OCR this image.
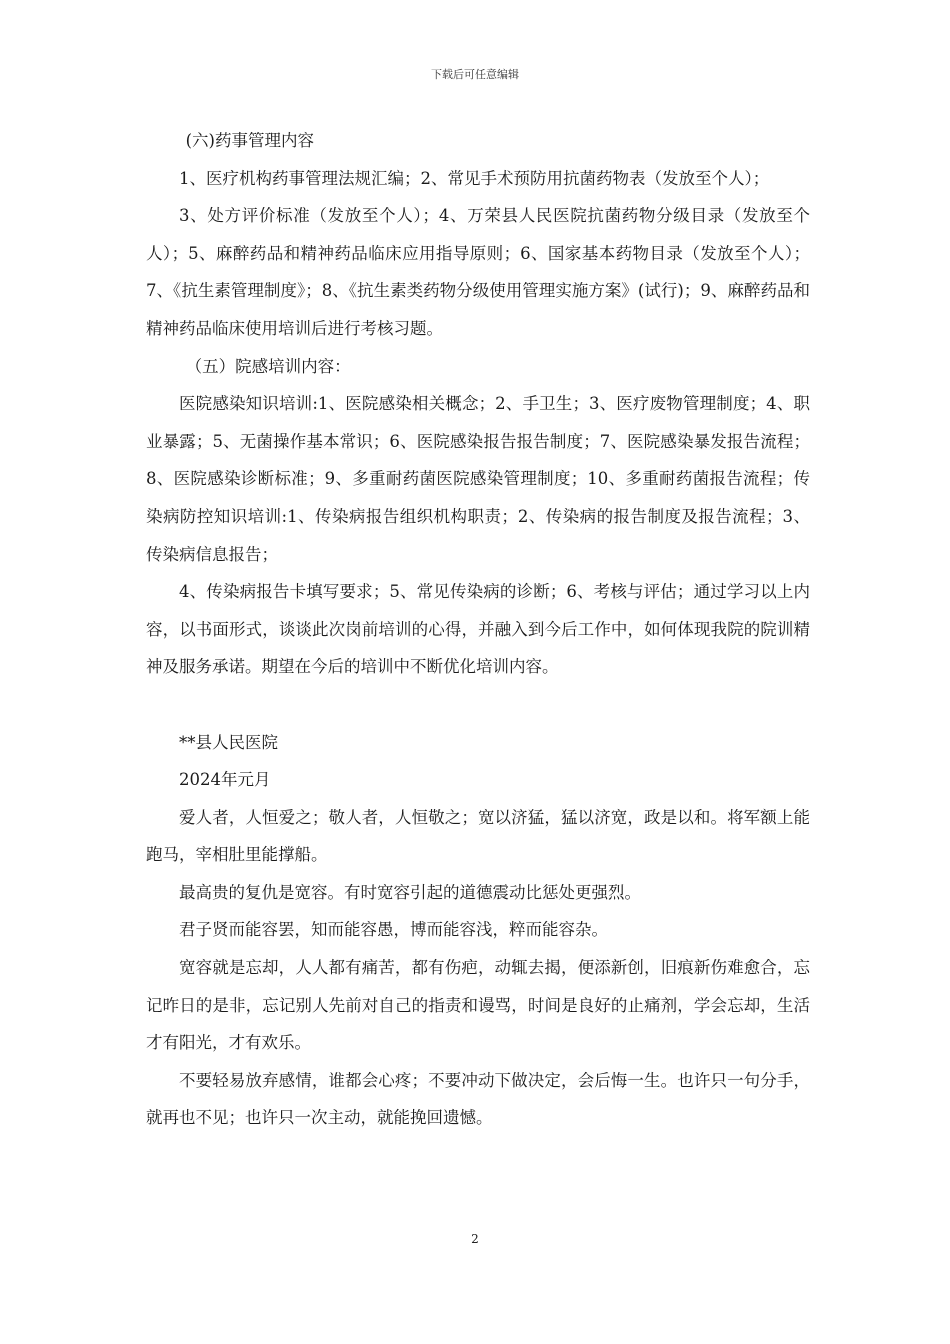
下载后可任意编辑

(六)药事管理内容

1、医疗机构药事管理法规汇编；2、常见手术预防用抗菌药物表（发放至个人）；

3、处方评价标准（发放至个人）；4、万荣县人民医院抗菌药物分级目录（发放至个人）；5、麻醉药品和精神药品临床应用指导原则；6、国家基本药物目录（发放至个人）；7、《抗生素管理制度》；8、《抗生素类药物分级使用管理实施方案》(试行)；9、麻醉药品和精神药品临床使用培训后进行考核习题。

（五）院感培训内容：

医院感染知识培训:1、医院感染相关概念；2、手卫生；3、医疗废物管理制度；4、职业暴露；5、无菌操作基本常识；6、医院感染报告报告制度；7、医院感染暴发报告流程；8、医院感染诊断标准；9、多重耐药菌医院感染管理制度；10、多重耐药菌报告流程；传染病防控知识培训:1、传染病报告组织机构职责；2、传染病的报告制度及报告流程；3、传染病信息报告；

4、传染病报告卡填写要求；5、常见传染病的诊断；6、考核与评估；通过学习以上内容，以书面形式，谈谈此次岗前培训的心得，并融入到今后工作中，如何体现我院的院训精神及服务承诺。期望在今后的培训中不断优化培训内容。

**县人民医院

2024年元月

爱人者，人恒爱之；敬人者，人恒敬之；宽以济猛，猛以济宽，政是以和。将军额上能跑马，宰相肚里能撑船。

最高贵的复仇是宽容。有时宽容引起的道德震动比惩处更强烈。

君子贤而能容罢，知而能容愚，博而能容浅，粹而能容杂。

宽容就是忘却，人人都有痛苦，都有伤疤，动辄去揭，便添新创，旧痕新伤难愈合，忘记昨日的是非，忘记别人先前对自己的指责和谩骂，时间是良好的止痛剂，学会忘却，生活才有阳光，才有欢乐。

不要轻易放弃感情，谁都会心疼；不要冲动下做决定，会后悔一生。也许只一句分手，就再也不见；也许只一次主动，就能挽回遗憾。

2
